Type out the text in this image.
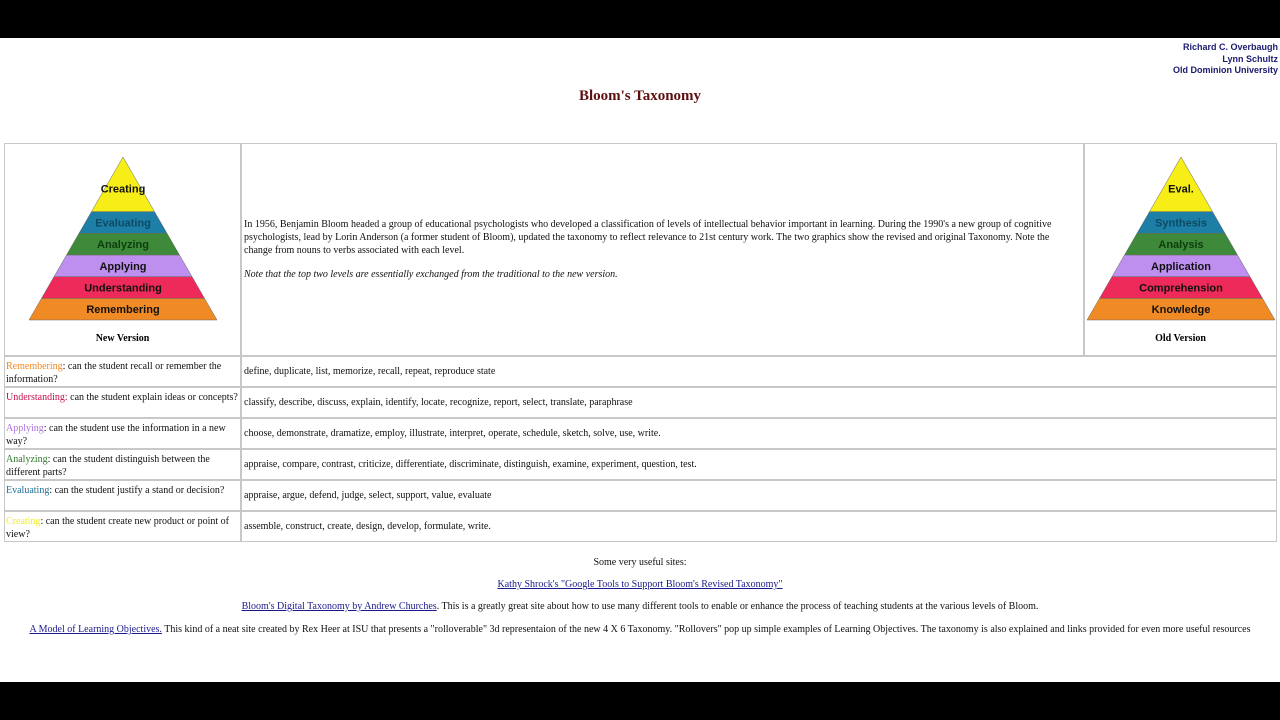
Richard C. Overbaugh
Lynn Schultz
Old Dominion University
Bloom's Taxonomy
Remembering
Understanding
Applying
Analyzing
Evaluating
Creating
New Version

In 1956, Benjamin Bloom headed a group of educational psychologists who developed a classification of levels of intellectual behavior important in learning. During the 1990's a new group of cognitive psychologists, lead by Lorin Anderson (a former student of Bloom), updated the taxonomy to reflect relevance to 21st century work. The two graphics show the revised and original Taxonomy. Note the change from nouns to verbs associated with each level.

Note that the top two levels are essentially exchanged from the traditional to the new version.

Knowledge
Comprehension
Application
Analysis
Synthesis
Eval.
Old Version
Remembering: can the student recall or remember the information?
define, duplicate, list, memorize, recall, repeat, reproduce state
Understanding: can the student explain ideas or concepts? classify, describe, discuss, explain, identify, locate, recognize, report, select, translate, paraphrase
Applying: can the student use the information in a new way?
choose, demonstrate, dramatize, employ, illustrate, interpret, operate, schedule, sketch, solve, use, write.
Analyzing: can the student distinguish between the different parts?
appraise, compare, contrast, criticize, differentiate, discriminate, distinguish, examine, experiment, question, test.
Evaluating: can the student justify a stand or decision?	appraise, argue, defend, judge, select, support, value, evaluate
Creating: can the student create new product or point of view?
assemble, construct, create, design, develop, formulate, write.

Some very useful sites:

Kathy Shrock's "Google Tools to Support Bloom's Revised Taxonomy"

Bloom's Digital Taxonomy by Andrew Churches. This is a greatly great site about how to use many different tools to enable or enhance the process of teaching students at the various levels of Bloom.

A Model of Learning Objectives. This kind of a neat site created by Rex Heer at ISU that presents a "rolloverable" 3d representaion of the new 4 X 6 Taxonomy. "Rollovers" pop up simple examples of Learning Objectives. The taxonomy is also explained and links provided for even more useful resources
